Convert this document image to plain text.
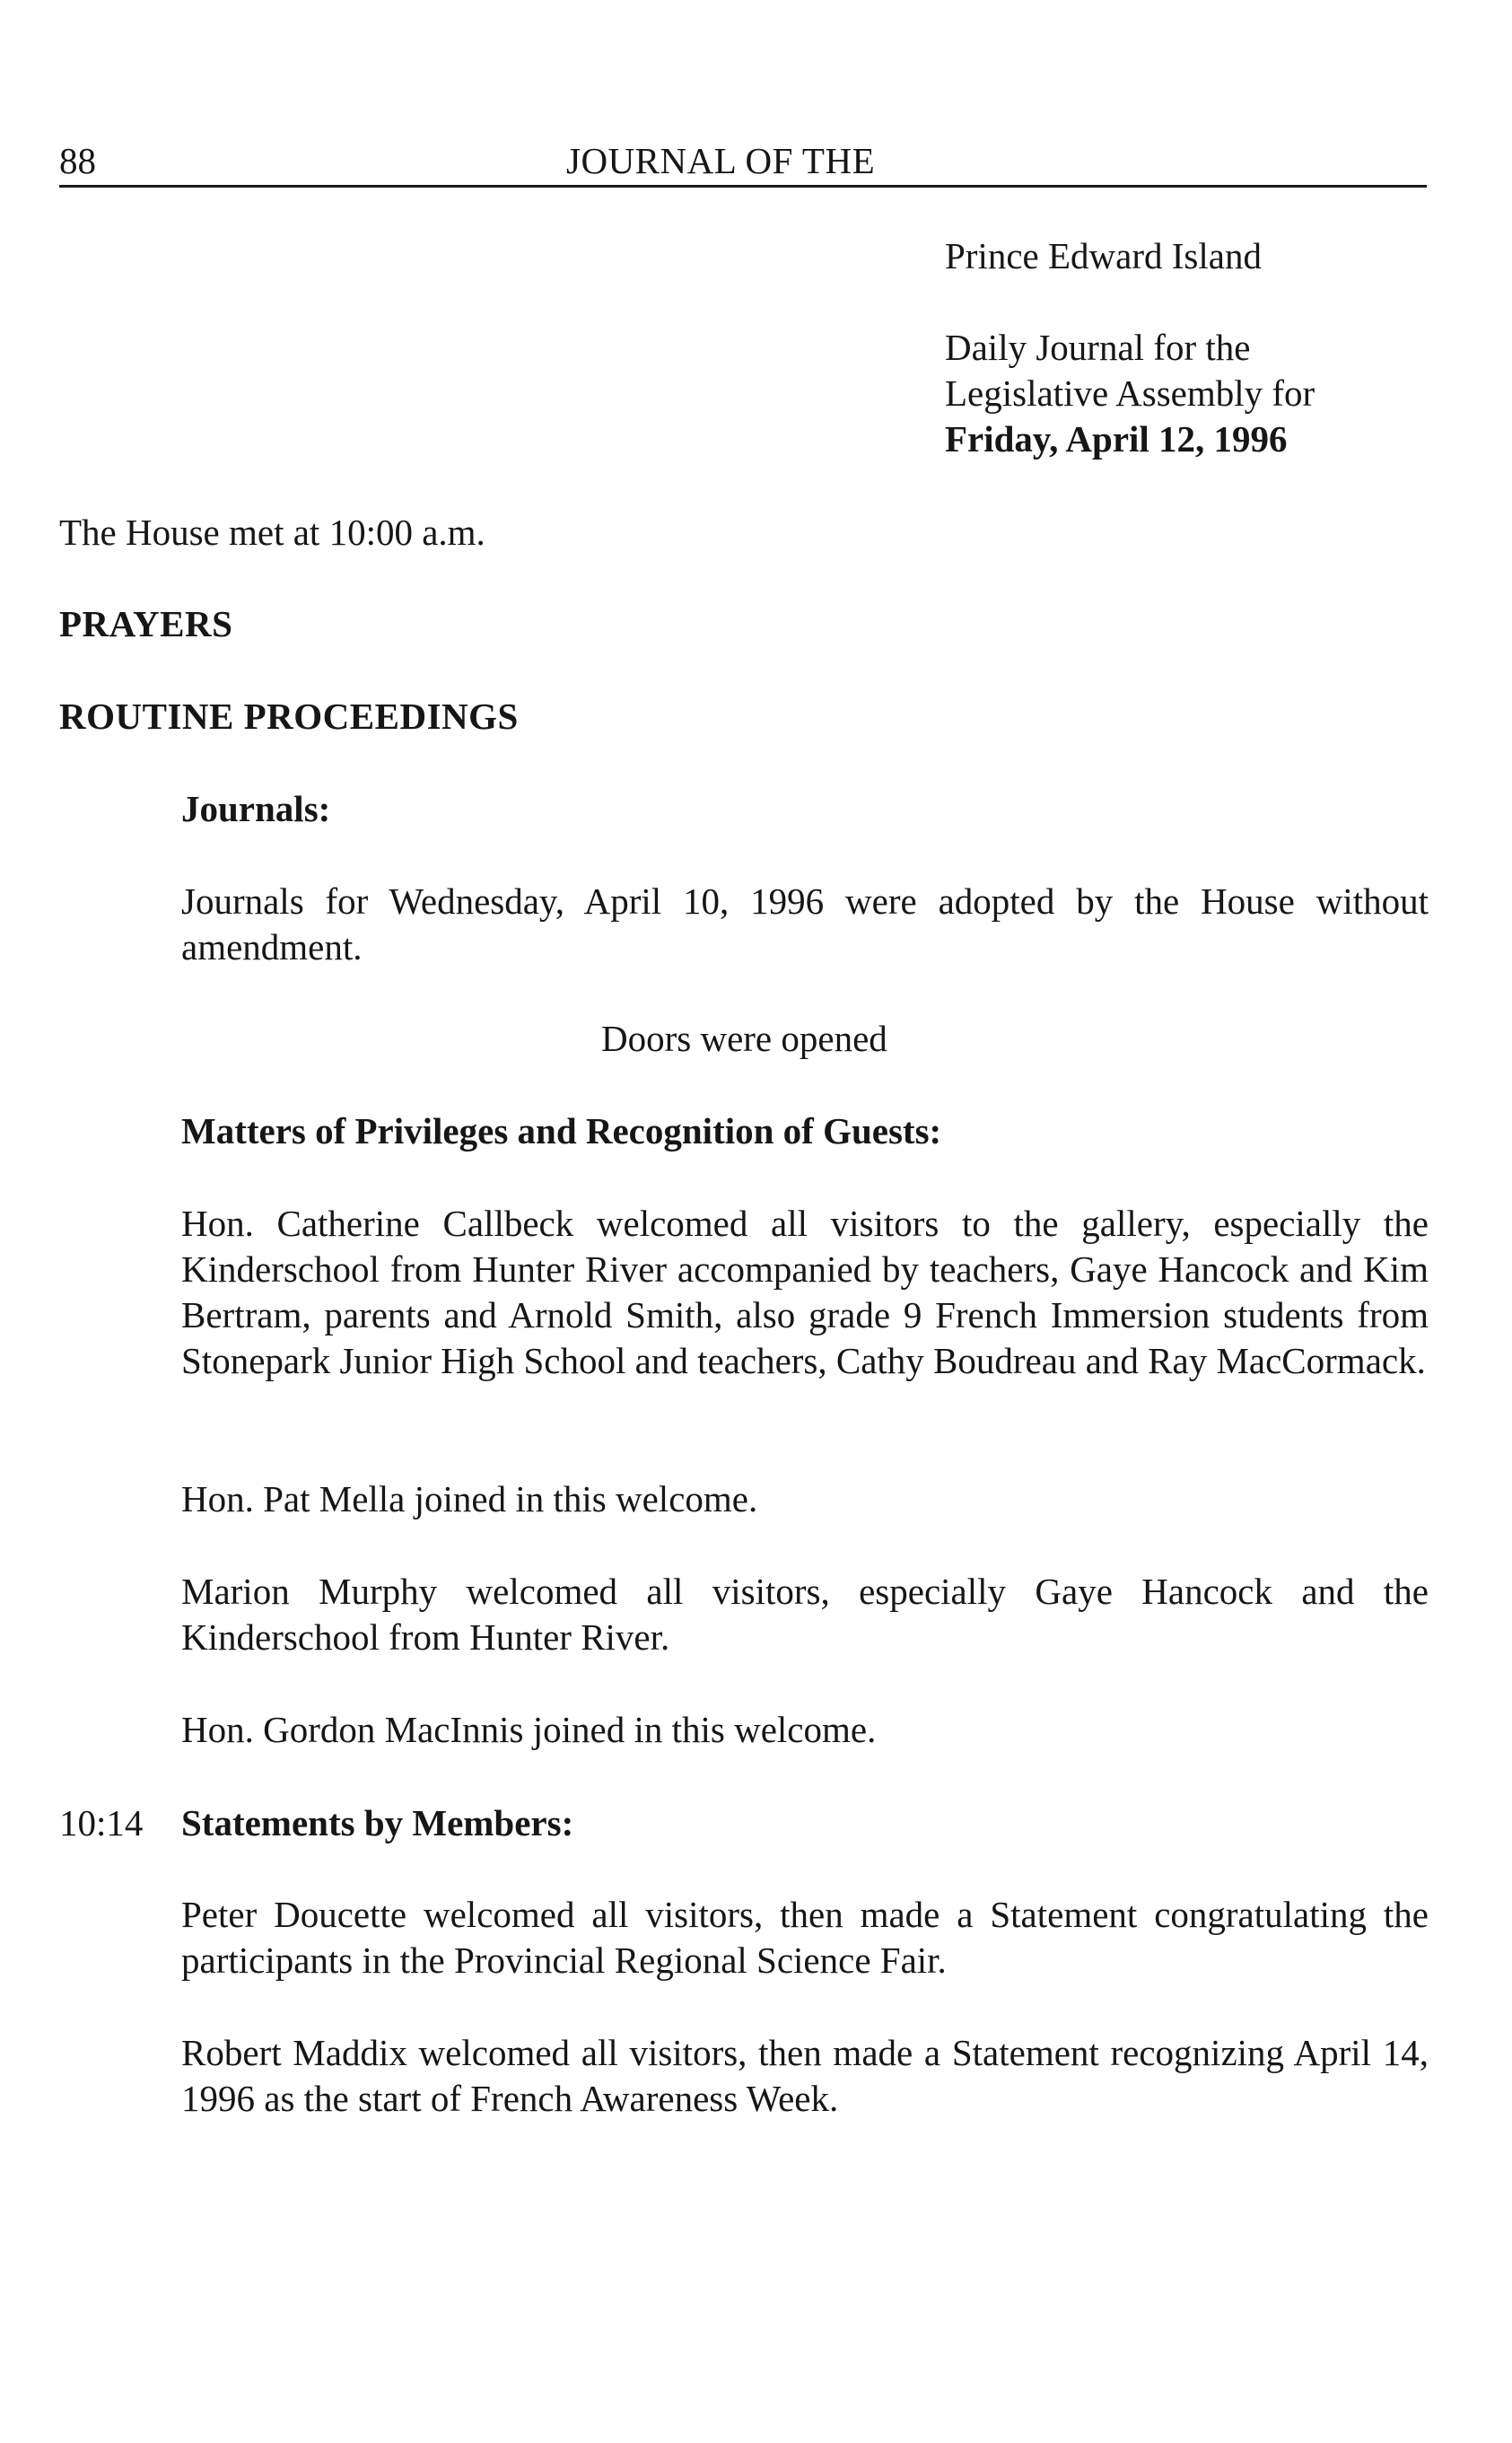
88	JOURNAL OF THE
Prince Edward Island
Daily Journal for the
Legislative Assembly for
Friday, April 12, 1996
The House met at 10:00 a.m.
PRAYERS
ROUTINE PROCEEDINGS
Journals:
Journals for Wednesday, April 10, 1996 were adopted by the House without amendment.
Doors were opened
Matters of Privileges and Recognition of Guests:
Hon. Catherine Callbeck welcomed all visitors to the gallery, especially the Kinderschool from Hunter River accompanied by teachers, Gaye Hancock and Kim Bertram, parents and Arnold Smith, also grade 9 French Immersion students from Stonepark Junior High School and teachers, Cathy Boudreau and Ray MacCormack.
Hon. Pat Mella joined in this welcome.
Marion Murphy welcomed all visitors, especially Gaye Hancock and the Kinderschool from Hunter River.
Hon. Gordon MacInnis joined in this welcome.
10:14 Statements by Members:
Peter Doucette welcomed all visitors, then made a Statement congratulating the participants in the Provincial Regional Science Fair.
Robert Maddix welcomed all visitors, then made a Statement recognizing April 14, 1996 as the start of French Awareness Week.
